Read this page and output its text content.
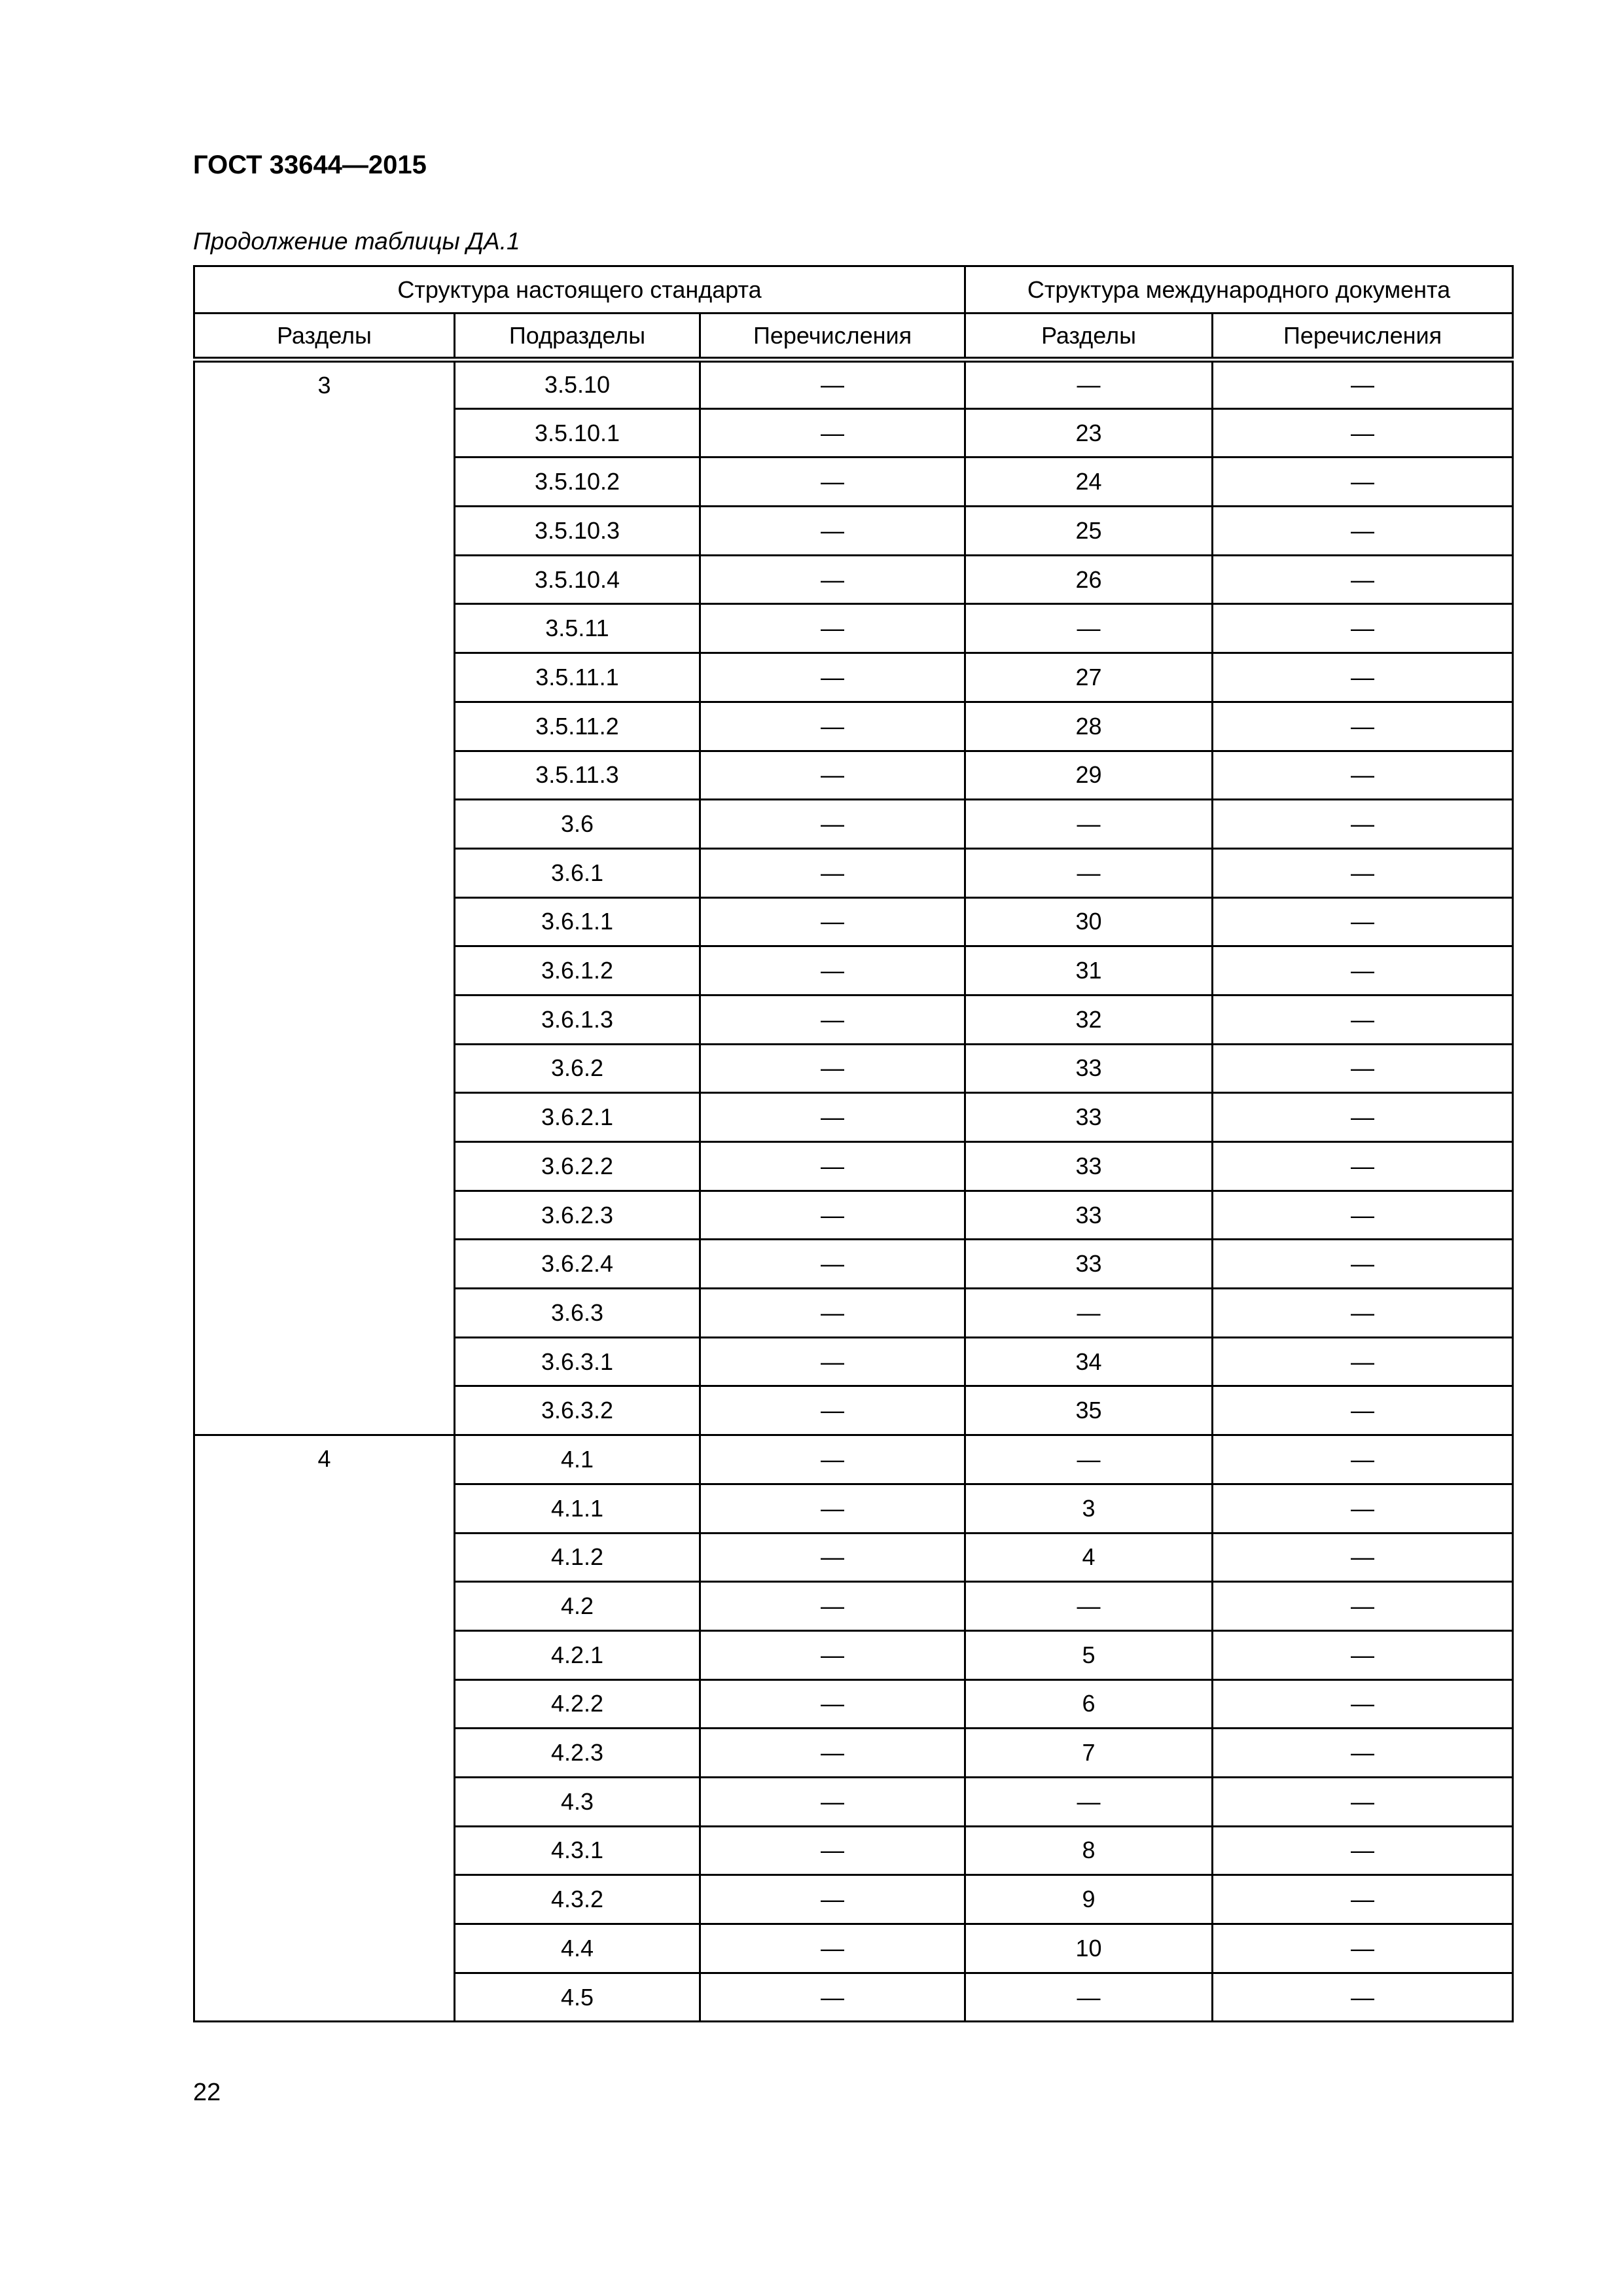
ГОСТ 33644—2015
Продолжение таблицы ДА.1
Структура настоящего стандарта			Структура международного документа	
Разделы	Подразделы	Перечисления	Разделы	Перечисления
3	3.5.10	—	—	—
	3.5.10.1	—	23	—
	3.5.10.2	—	24	—
	3.5.10.3	—	25	—
	3.5.10.4	—	26	—
	3.5.11	—	—	—
	3.5.11.1	—	27	—
	3.5.11.2	—	28	—
	3.5.11.3	—	29	—
	3.6	—	—	—
	3.6.1	—	—	—
	3.6.1.1	—	30	—
	3.6.1.2	—	31	—
	3.6.1.3	—	32	—
	3.6.2	—	33	—
	3.6.2.1	—	33	—
	3.6.2.2	—	33	—
	3.6.2.3	—	33	—
	3.6.2.4	—	33	—
	3.6.3	—	—	—
	3.6.3.1	—	34	—
	3.6.3.2	—	35	—
4	4.1	—	—	—
	4.1.1	—	3	—
	4.1.2	—	4	—
	4.2	—	—	—
	4.2.1	—	5	—
	4.2.2	—	6	—
	4.2.3	—	7	—
	4.3	—	—	—
	4.3.1	—	8	—
	4.3.2	—	9	—
	4.4	—	10	—
	4.5	—	—	—
22
